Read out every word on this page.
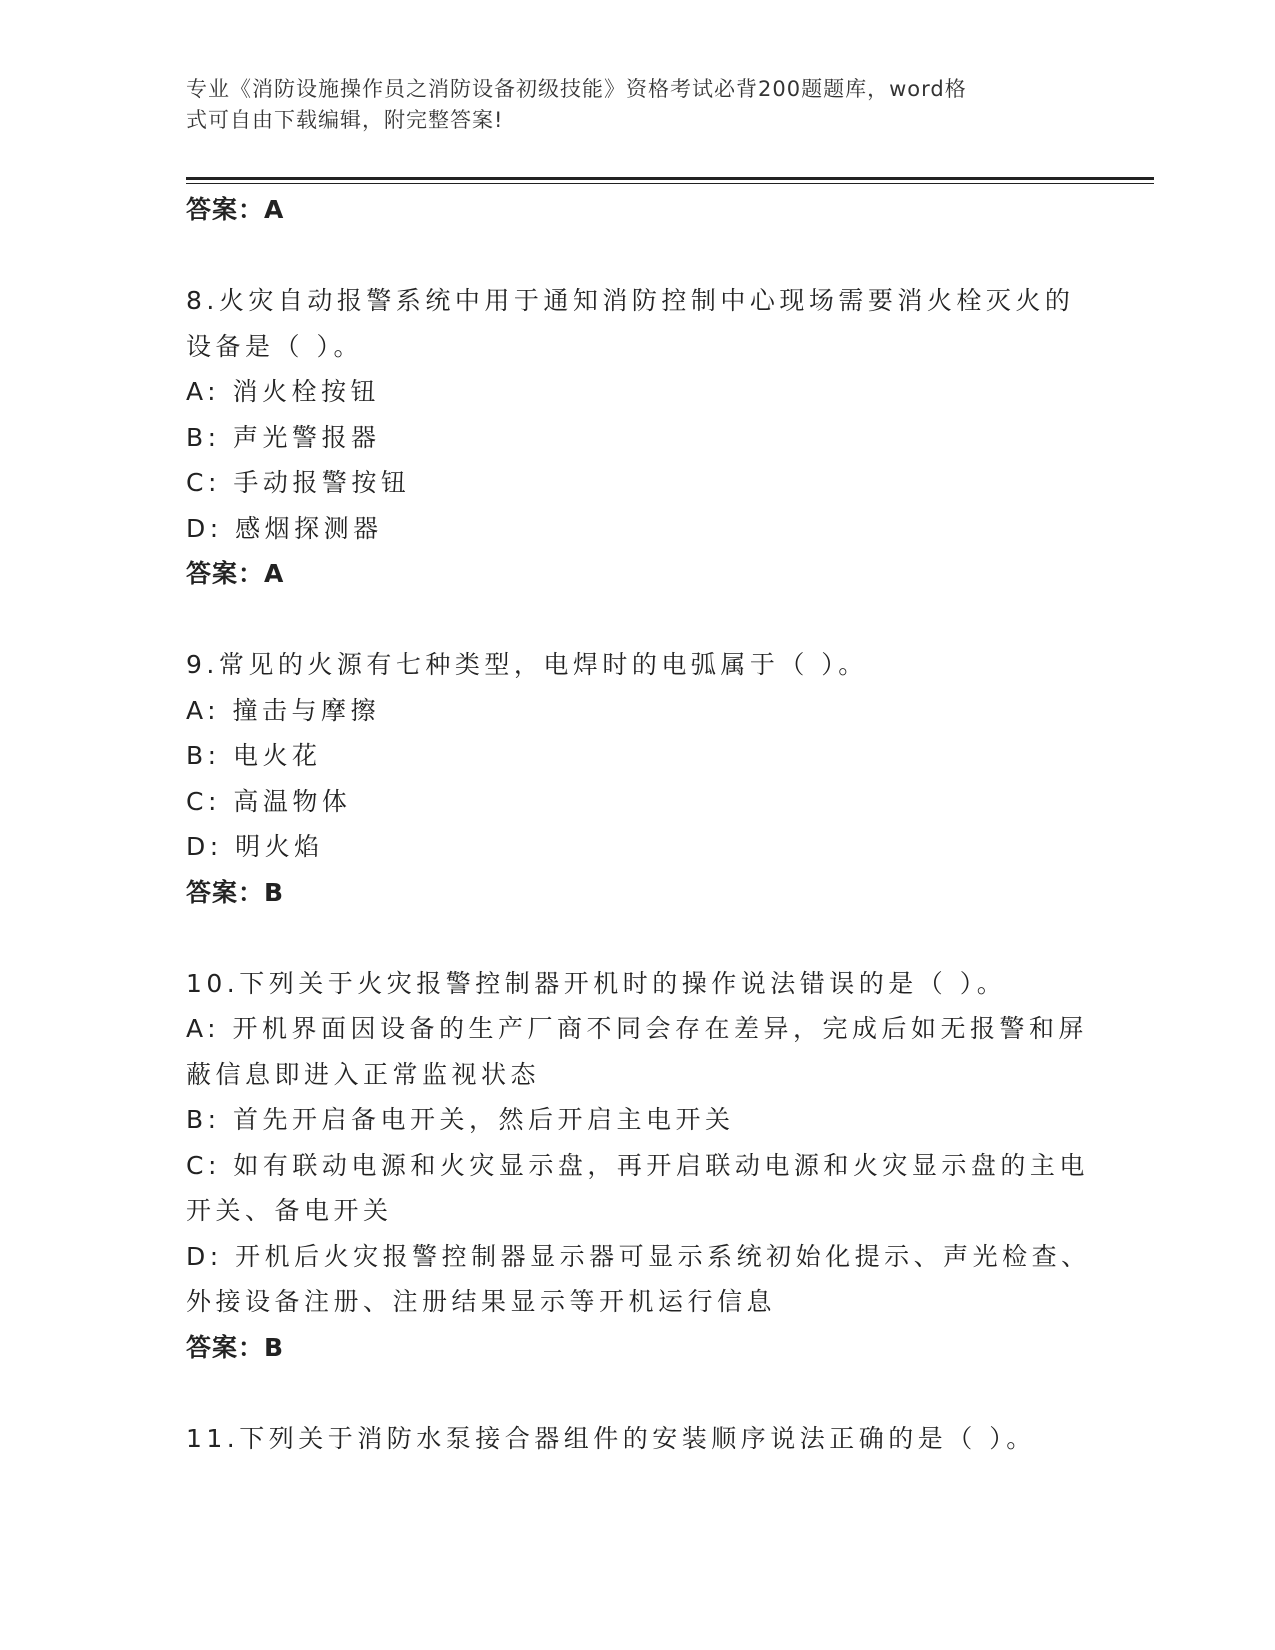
专业《消防设施操作员之消防设备初级技能》资格考试必背200题题库，word格
式可自由下载编辑，附完整答案!
答案：A
8.火灾自动报警系统中用于通知消防控制中心现场需要消火栓灭火的
设备是（ ）。
A: 消火栓按钮
B: 声光警报器
C: 手动报警按钮
D: 感烟探测器
答案：A
9.常见的火源有七种类型，电焊时的电弧属于（ ）。
A: 撞击与摩擦
B: 电火花
C: 高温物体
D: 明火焰
答案：B
10.下列关于火灾报警控制器开机时的操作说法错误的是（ ）。
A: 开机界面因设备的生产厂商不同会存在差异，完成后如无报警和屏
蔽信息即进入正常监视状态
B: 首先开启备电开关，然后开启主电开关
C: 如有联动电源和火灾显示盘，再开启联动电源和火灾显示盘的主电
开关、备电开关
D: 开机后火灾报警控制器显示器可显示系统初始化提示、声光检查、
外接设备注册、注册结果显示等开机运行信息
答案：B
11.下列关于消防水泵接合器组件的安装顺序说法正确的是（ ）。
